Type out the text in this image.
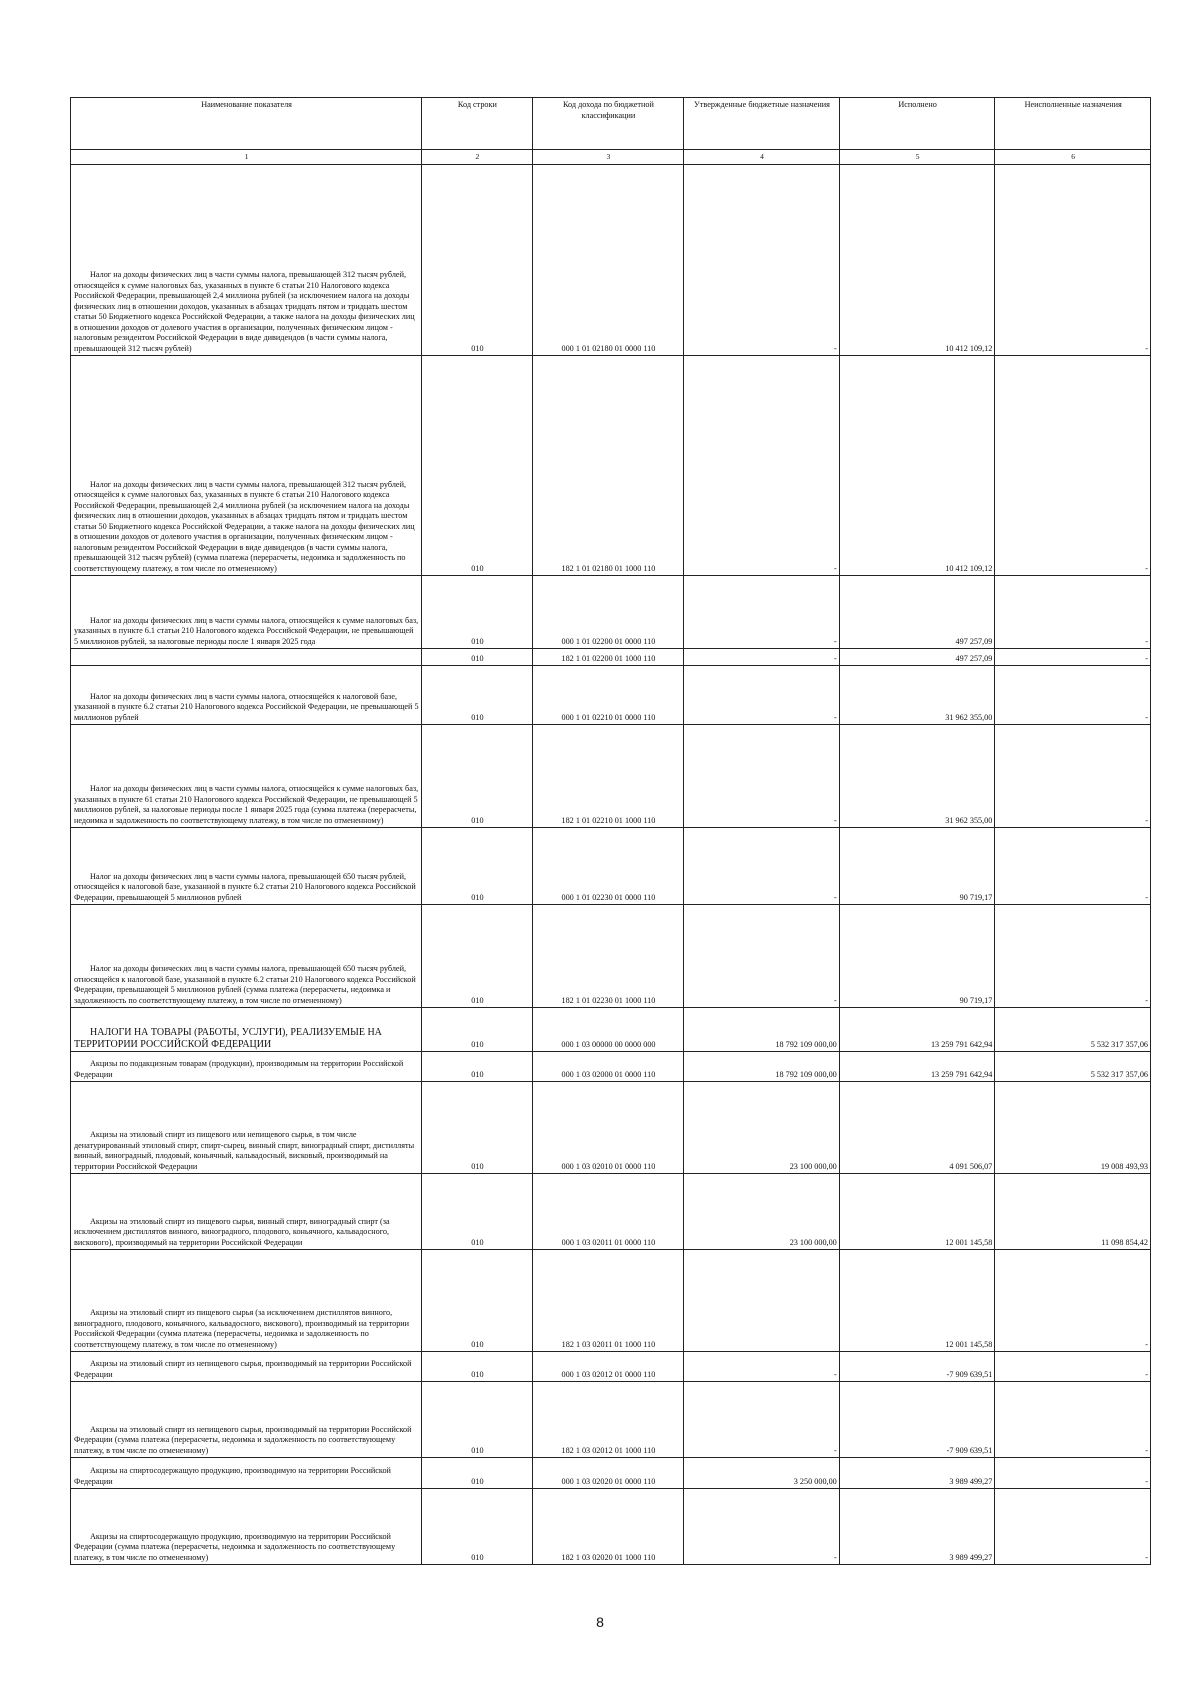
Наименование показателя	Код строки	Код дохода по бюджетной классификации	Утвержденные бюджетные назначения	Исполнено	Неисполненные назначения
1	2	3	4	5	6
Налог на доходы физических лиц в части суммы налога, превышающей 312 тысяч рублей, относящейся к сумме налоговых баз, указанных в пункте 6 статьи 210 Налогового кодекса Российской Федерации, превышающей 2,4 миллиона рублей (за исключением налога на доходы физических лиц в отношении доходов, указанных в абзацах тридцать пятом и тридцать шестом статьи 50 Бюджетного кодекса Российской Федерации, а также налога на доходы физических лиц в отношении доходов от долевого участия в организации, полученных физическим лицом - налоговым резидентом Российской Федерации в виде дивидендов (в части суммы налога, превышающей 312 тысяч рублей)	010	000 1 01 02180 01 0000 110	-	10 412 109,12	-
Налог на доходы физических лиц в части суммы налога, превышающей 312 тысяч рублей, относящейся к сумме налоговых баз, указанных в пункте 6 статьи 210 Налогового кодекса Российской Федерации, превышающей 2,4 миллиона рублей (за исключением налога на доходы физических лиц в отношении доходов, указанных в абзацах тридцать пятом и тридцать шестом статьи 50 Бюджетного кодекса Российской Федерации, а также налога на доходы физических лиц в отношении доходов от долевого участия в организации, полученных физическим лицом - налоговым резидентом Российской Федерации в виде дивидендов (в части суммы налога, превышающей 312 тысяч рублей) (сумма платежа (перерасчеты, недоимка и задолженность по соответствующему платежу, в том числе по отмененному)	010	182 1 01 02180 01 1000 110	-	10 412 109,12	-
Налог на доходы физических лиц в части суммы налога, относящейся к сумме налоговых баз, указанных в пункте 6.1 статьи 210 Налогового кодекса Российской Федерации, не превышающей 5 миллионов рублей, за налоговые периоды после 1 января 2025 года	010	000 1 01 02200 01 0000 110	-	497 257,09	-
	010	182 1 01 02200 01 1000 110	-	497 257,09	-
Налог на доходы физических лиц в части суммы налога, относящейся к налоговой базе, указанной в пункте 6.2 статьи 210 Налогового кодекса Российской Федерации, не превышающей 5 миллионов рублей	010	000 1 01 02210 01 0000 110	-	31 962 355,00	-
Налог на доходы физических лиц в части суммы налога, относящейся к сумме налоговых баз, указанных в пункте 61 статьи 210 Налогового кодекса Российской Федерации, не превышающей 5 миллионов рублей, за налоговые периоды после 1 января 2025 года (сумма платежа (перерасчеты, недоимка и задолженность по соответствующему платежу, в том числе по отмененному)	010	182 1 01 02210 01 1000 110	-	31 962 355,00	-
Налог на доходы физических лиц в части суммы налога, превышающей 650 тысяч рублей, относящейся к налоговой базе, указанной в пункте 6.2 статьи 210 Налогового кодекса Российской Федерации, превышающей 5 миллионов рублей	010	000 1 01 02230 01 0000 110	-	90 719,17	-
Налог на доходы физических лиц в части суммы налога, превышающей 650 тысяч рублей, относящейся к налоговой базе, указанной в пункте 6.2 статьи 210 Налогового кодекса Российской Федерации, превышающей 5 миллионов рублей (сумма платежа (перерасчеты, недоимка и задолженность по соответствующему платежу, в том числе по отмененному)	010	182 1 01 02230 01 1000 110	-	90 719,17	-
НАЛОГИ НА ТОВАРЫ (РАБОТЫ, УСЛУГИ), РЕАЛИЗУЕМЫЕ НА ТЕРРИТОРИИ РОССИЙСКОЙ ФЕДЕРАЦИИ	010	000 1 03 00000 00 0000 000	18 792 109 000,00	13 259 791 642,94	5 532 317 357,06
Акцизы по подакцизным товарам (продукции), производимым на территории Российской Федерации	010	000 1 03 02000 01 0000 110	18 792 109 000,00	13 259 791 642,94	5 532 317 357,06
Акцизы на этиловый спирт из пищевого или непищевого сырья, в том числе денатурированный этиловый спирт, спирт-сырец, винный спирт, виноградный спирт, дистилляты винный, виноградный, плодовый, коньячный, кальвадосный, висковый, производимый на территории Российской Федерации	010	000 1 03 02010 01 0000 110	23 100 000,00	4 091 506,07	19 008 493,93
Акцизы на этиловый спирт из пищевого сырья, винный спирт, виноградный спирт (за исключением дистиллятов винного, виноградного, плодового, коньячного, кальвадосного, вискового), производимый на территории Российской Федерации	010	000 1 03 02011 01 0000 110	23 100 000,00	12 001 145,58	11 098 854,42
Акцизы на этиловый спирт из пищевого сырья (за исключением дистиллятов винного, виноградного, плодового, коньячного, кальвадосного, вискового), производимый на территории Российской Федерации (сумма платежа (перерасчеты, недоимка и задолженность по соответствующему платежу, в том числе по отмененному)	010	182 1 03 02011 01 1000 110		12 001 145,58	-
Акцизы на этиловый спирт из непищевого сырья, производимый на территории Российской Федерации	010	000 1 03 02012 01 0000 110	-	-7 909 639,51	-
Акцизы на этиловый спирт из непищевого сырья, производимый на территории Российской Федерации (сумма платежа (перерасчеты, недоимка и задолженность по соответствующему платежу, в том числе по отмененному)	010	182 1 03 02012 01 1000 110	-	-7 909 639,51	-
Акцизы на спиртосодержащую продукцию, производимую на территории Российской Федерации	010	000 1 03 02020 01 0000 110	3 250 000,00	3 989 499,27	-
Акцизы на спиртосодержащую продукцию, производимую на территории Российской Федерации (сумма платежа (перерасчеты, недоимка и задолженность по соответствующему платежу, в том числе по отмененному)	010	182 1 03 02020 01 1000 110	-	3 989 499,27	-
8
